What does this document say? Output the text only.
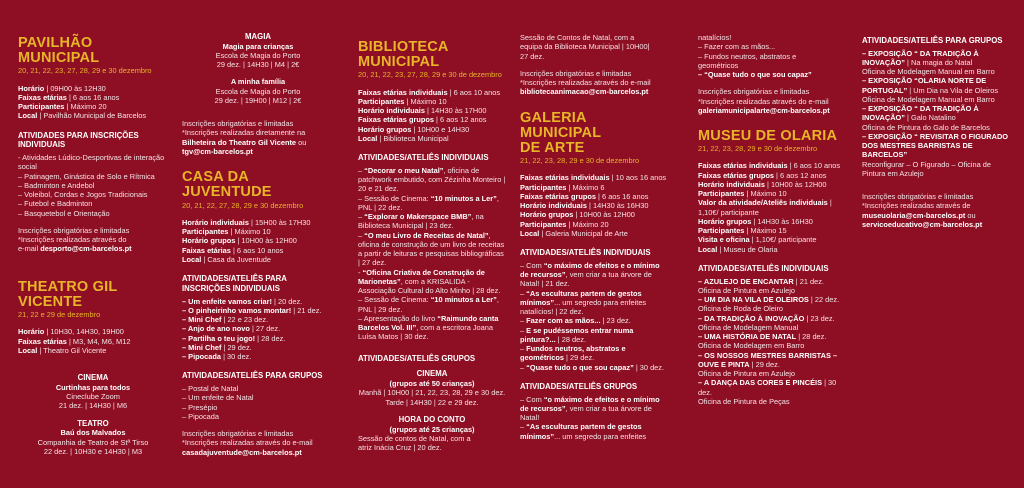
PAVILHÃO MUNICIPAL
20, 21, 22, 23, 27, 28, 29 e 30 dezembro
Horário | 09H00 às 12H30
Faixas etárias | 6 aos 16 anos
Participantes | Máximo 20
Local | Pavilhão Municipal de Barcelos
ATIVIDADES PARA INSCRIÇÕES INDIVIDUAIS
- Atividades Lúdico-Desportivas de interação social
– Patinagem, Ginástica de Solo e Rítmica
– Badminton e Andebol
– Voleibol, Cordas e Jogos Tradicionais
– Futebol e Badminton
– Basquetebol e Orientação
Inscrições obrigatórias e limitadas
*Inscrições realizadas através do
e-mail desporto@cm-barcelos.pt
THEATRO GIL VICENTE
21, 22 e 29 de dezembro
Horário | 10H30, 14H30, 19H00
Faixas etárias | M3, M4, M6, M12
Local | Theatro Gil Vicente
CINEMA
Curtinhas para todos
Cineclube Zoom
21 dez. | 14H30 | M6
TEATRO
Baú dos Malvados
Companhia de Teatro de Stª Tirso
22 dez. | 10H30 e 14H30 | M3
MAGIA
Magia para crianças
Escola de Magia do Porto
29 dez. | 14H30 | M4 | 2€
A minha família
Escola de Magia do Porto
29 dez. | 19H00 | M12 | 2€
Inscrições obrigatórias e limitadas
*Inscrições realizadas diretamente na
Bilheteira do Theatro Gil Vicente ou
tgv@cm-barcelos.pt
CASA DA JUVENTUDE
20, 21, 22, 27, 28, 29 e 30 dezembro
Horário individuais | 15H00 às 17H30
Participantes | Máximo 10
Horário grupos | 10H00 às 12H00
Faixas etárias | 6 aos 10 anos
Local | Casa da Juventude
ATIVIDADES/ATELIÊS PARA INSCRIÇÕES INDIVIDUAIS
– Um enfeite vamos criar! | 20 dez.
– O pinheirinho vamos montar! | 21 dez.
– Mini Chef | 22 e 23 dez.
– Anjo de ano novo | 27 dez.
– Partilha o teu jogo! | 28 dez.
– Mini Chef | 29 dez.
– Pipocada | 30 dez.
ATIVIDADES/ATELIÊS PARA GRUPOS
– Postal de Natal
– Um enfeite de Natal
– Presépio
– Pipocada
Inscrições obrigatórias e limitadas
*Inscrições realizadas através do e-mail
casadajuventude@cm-barcelos.pt
BIBLIOTECA MUNICIPAL
20, 21, 22, 23, 27, 28, 29 e 30 de dezembro
Faixas etárias individuais | 6 aos 10 anos
Participantes | Máximo 10
Horário individuais | 14H30 às 17H00
Faixas etárias grupos | 6 aos 12 anos
Horário grupos | 10H00 e 14H30
Local | Biblioteca Municipal
ATIVIDADES/ATELIÊS INDIVIDUAIS
– “Decorar o meu Natal”, oficina de patchwork embutido, com Zézinha Monteiro | 20 e 21 dez.
– Sessão de Cinema: “10 minutos a Ler”, PNL | 22 dez.
– “Explorar o Makerspace BMB”, na Biblioteca Municipal | 23 dez.
– “O meu Livro de Receitas de Natal”, oficina de construção de um livro de receitas a partir de leituras e pesquisas bibliográficas | 27 dez.
- “Oficina Criativa de Construção de Marionetas”, com a KRISALIDA - Associação Cultural do Alto Minho | 28 dez.
– Sessão de Cinema: “10 minutos a Ler”, PNL | 29 dez.
– Apresentação do livro “Raimundo canta Barcelos Vol. III”, com a escritora Joana Luísa Matos | 30 dez.
ATIVIDADES/ATELIÊS GRUPOS
CINEMA
(grupos até 50 crianças)
Manhã | 10H00 | 21, 22, 23, 28, 29 e 30 dez.
Tarde | 14H30 | 22 e 29 dez.
HORA DO CONTO
(grupos até 25 crianças)
Sessão de contos de Natal, com a
atriz Inácia Cruz | 20 dez.
Sessão de Contos de Natal, com a
equipa da Biblioteca Municipal | 10H00|
27 dez.
Inscrições obrigatórias e limitadas
*Inscrições realizadas através do e-mail
bibliotecaanimacao@cm-barcelos.pt
GALERIA MUNICIPAL
DE ARTE
21, 22, 23, 28, 29 e 30 de dezembro
Faixas etárias individuais | 10 aos 16 anos
Participantes | Máximo 6
Faixas etárias grupos | 6 aos 16 anos
Horário individuais | 14H30 às 16H30
Horário grupos | 10H00 às 12H00
Participantes | Máximo 20
Local | Galeria Municipal de Arte
ATIVIDADES/ATELIÊS INDIVIDUAIS
– Com “o máximo de efeitos e o mínimo de recursos”, vem criar a tua árvore de Natal! | 21 dez.
– “As esculturas partem de gestos mínimos”... um segredo para enfeites natalícios! | 22 dez.
– Fazer com as mãos... | 23 dez.
– E se pudéssemos entrar numa pintura?... | 28 dez.
– Fundos neutros, abstratos e geométricos | 29 dez.
– “Quase tudo o que sou capaz” | 30 dez.
ATIVIDADES/ATELIÊS GRUPOS
– Com “o máximo de efeitos e o mínimo de recursos”, vem criar a tua árvore de Natal!
– “As esculturas partem de gestos mínimos”... um segredo para enfeites
natalícios!
– Fazer com as mãos...
– Fundos neutros, abstratos e
geométricos
– “Quase tudo o que sou capaz”
Inscrições obrigatórias e limitadas
*Inscrições realizadas através do e-mail
galeriamunicipalarte@cm-barcelos.pt
MUSEU DE OLARIA
21, 22, 23, 28, 29 e 30 de dezembro
Faixas etárias individuais | 6 aos 10 anos
Faixas etárias grupos | 6 aos 12 anos
Horário individuais | 10H00 às 12H00
Participantes | Máximo 10
Valor da atividade/Ateliês individuais | 1,10€/ participante
Horário grupos | 14H30 às 16H30
Participantes | Máximo 15
Visita e oficina | 1,10€/ participante
Local | Museu de Olaria
ATIVIDADES/ATELIÊS INDIVIDUAIS
– AZULEJO DE ENCANTAR | 21 dez.
Oficina de Pintura em Azulejo
– UM DIA NA VILA DE OLEIROS | 22 dez.
Oficina de Roda de Oleiro
– DA TRADIÇÃO À INOVAÇÃO | 23 dez.
Oficina de Modelagem Manual
– UMA HISTÓRIA DE NATAL | 28 dez.
Oficina de Modelagem em Barro
– OS NOSSOS MESTRES BARRISTAS – OUVE E PINTA | 29 dez.
Oficina de Pintura em Azulejo
– A DANÇA DAS CORES E PINCÉIS | 30 dez.
Oficina de Pintura de Peças
ATIVIDADES/ATELIÊS PARA GRUPOS
– EXPOSIÇÃO “ DA TRADIÇÃO À INOVAÇÃO” | Na magia do Natal
Oficina de Modelagem Manual em Barro
– EXPOSIÇÃO “OLARIA NORTE DE PORTUGAL” | Um Dia na Vila de Oleiros
Oficina de Modelagem Manual em Barro
– EXPOSIÇÃO “ DA TRADIÇÃO À INOVAÇÃO” | Galo Natalino
Oficina de Pintura do Galo de Barcelos
– EXPOSIÇÃO “ REVISITAR O FIGURADO DOS MESTRES BARRISTAS DE BARCELOS”
Reconfigurar – O Figurado – Oficina de Pintura em Azulejo
Inscrições obrigatórias e limitadas
*Inscrições realizadas através de
museuolaria@cm-barcelos.pt ou
servicoeducativo@cm-barcelos.pt
